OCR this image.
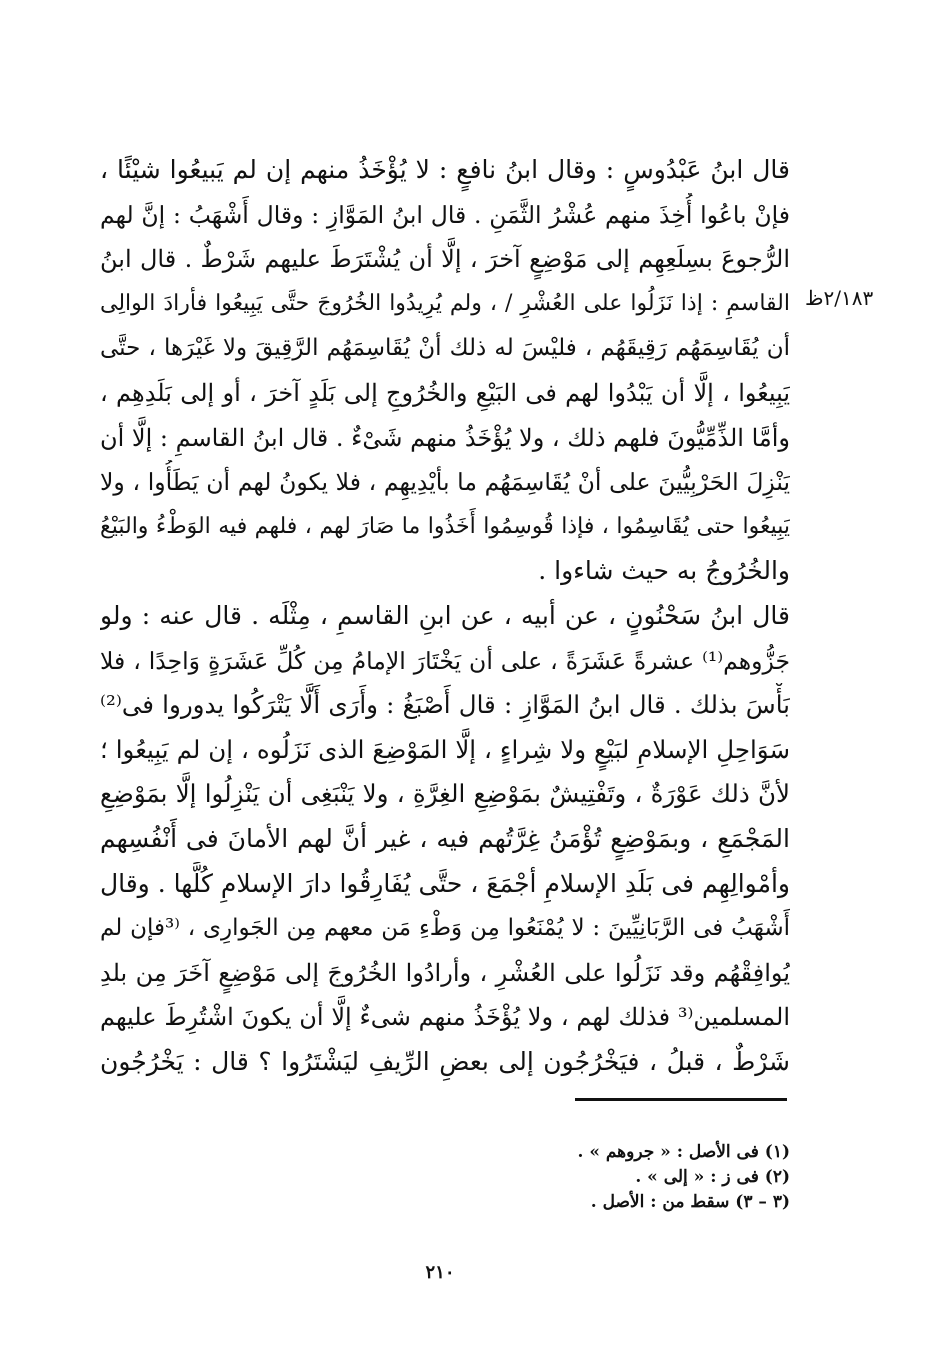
٢/١٨٣ظ
قال ابنُ عَبْدُوسٍ : وقال ابنُ نافعٍ : لا يُؤْخَذُ منهم إن لم يَبيعُوا شيْئًا ،
فإنْ باعُوا أُخِذَ منهم عُشْرُ الثَّمَنِ . قال ابنُ المَوَّازِ : وقال أَشْهَبُ : إنَّ لهم
الرُّجوعَ بسِلَعِهِم إلى مَوْضِعٍ آخرَ ، إلَّا أن يُشْتَرَطَ عليهم شَرْطٌ . قال ابنُ
القاسمِ : إذا نَزَلُوا على العُشْرِ / ، ولم يُرِيدُوا الخُرُوجَ حتَّى يَبِيعُوا فأرادَ الوالِى
أن يُقَاسِمَهُم رَقِيقَهُم ، فليْسَ له ذلك أنْ يُقَاسِمَهُم الرَّقِيقَ ولا غَيْرَها ، حتَّى
يَبِيعُوا ، إلَّا أن يَبْدُوا لهم فى البَيْعِ والخُرُوجِ إلى بَلَدٍ آخرَ ، أو إلى بَلَدِهِم ،
وأمَّا الذِّمِّيُّونَ فلهم ذلك ، ولا يُؤْخَذُ منهم شَىْءٌ . قال ابنُ القاسمِ : إلَّا أن
يَنْزِلَ الحَرْبِيُّينَ على أنْ يُقَاسِمَهُم ما بأيْدِيهِم ، فلا يكونُ لهم أن يَطَأُوا ، ولا
يَبِيعُوا حتى يُقَاسِمُوا ، فإذا قُوسِمُوا أَخَذُوا ما صَارَ لهم ، فلهم فيه الوَطْءُ والبَيْعُ
والخُرُوجُ به حيث شاءوا .
قال ابنُ سَحْنُونٍ ، عن أبيه ، عن ابنِ القاسمِ ، مِثْلَه . قال عنه : ولو
جَزُّوهم⁽¹⁾ عشرةً عَشَرَةً ، على أن يَخْتَارَ الإمامُ مِن كُلِّ عَشَرَةٍ وَاحِدًا ، فلا
بَأْسَ بذلك . قال ابنُ المَوَّازِ : قال أَصْبَغُ : وأَرَى أَلَّا يَتْرَكُوا يدوروا فى⁽²⁾
سَوَاحِلِ الإسلامِ لبَيْعٍ ولا شِراءٍ ، إلَّا المَوْضِعَ الذى نَزَلُوه ، إن لم يَبِيعُوا ؛
لأنَّ ذلك عَوْرَةٌ ، وتَفْتِيشٌ بمَوْضِعِ الغِرَّةِ ، ولا يَنْبَغِى أن يَنْزِلُوا إلَّا بمَوْضِعِ
المَجْمَعِ ، وبمَوْضِعٍ تُؤْمَنُ غِرَّتُهم فيه ، غير أنَّ لهم الأمانَ فى أَنْفُسِهم
وأمْوالِهِم فى بَلَدِ الإسلامِ أجْمَعَ ، حتَّى يُفَارِقُوا دارَ الإسلامِ كُلَّها . وقال
أَشْهَبُ فى الرَّبَانِيِّينَ : لا يُمْنَعُوا مِن وَطْءِ مَن معهم مِن الجَوارِى ، ⁽³فإن لم
يُوافِقْهُم وقد نَزَلُوا على العُشْرِ ، وأرادُوا الخُرُوجَ إلى مَوْضِعٍ آخَرَ مِن بلدِ
المسلمين⁽³ فذلك لهم ، ولا يُؤْخَذُ منهم شىءٌ إلَّا أن يكونَ اشْتُرِطَ عليهم
شَرْطٌ ، قبلُ ، فيَخْرُجُون إلى بعضِ الرِّيفِ ليَشْتَرُوا ؟ قال : يَخْرُجُون
(١) فى الأصل : « جروهم » .
(٢) فى ز : « إلى » .
(٣ – ٣) سقط من : الأصل .
٢١٠
